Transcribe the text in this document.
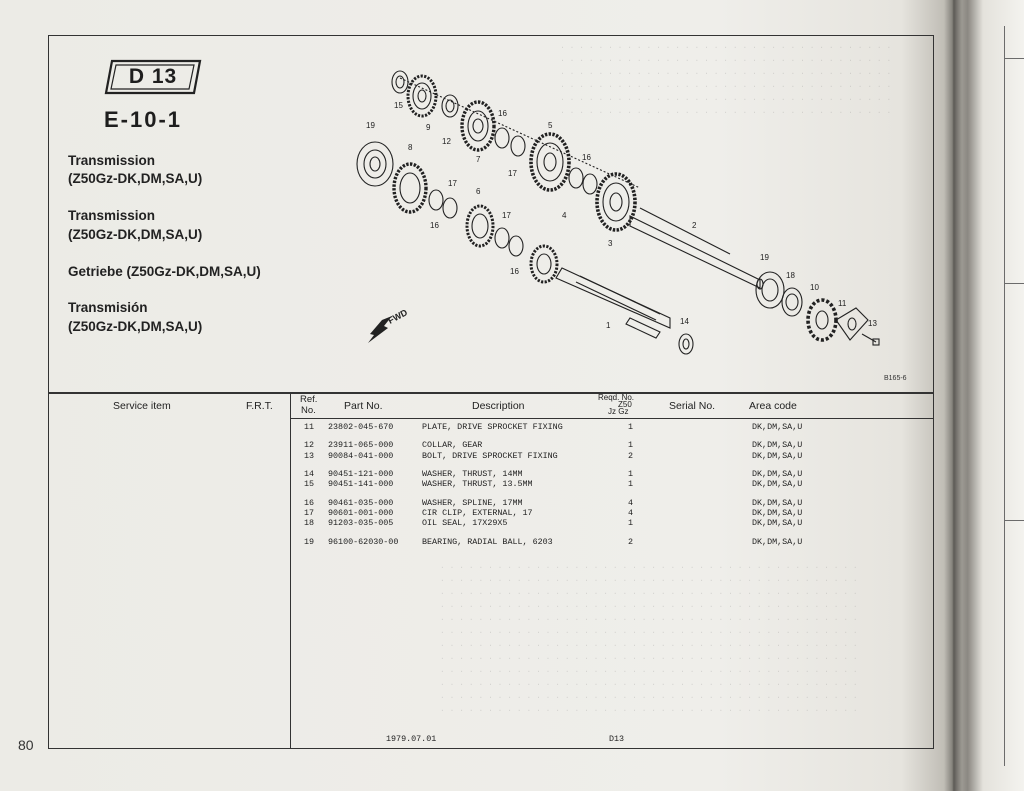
. . . . . . . . . . . . . . . . . . . . . . . . . . . . . . . . . . .
. . . . . . . . . . . . . . . . . . . . . . . . . . . . . . . . . . .
. . . . . . . . . . . . . . . . . . . . . . . . . . . . . . . . . . .
. . . . . . . . . . . . . . . . . . . . . . . . . . . . . . . . . . .
. . . . . . . . . . . . . . . . . . . . . . . . . . . . . . . . . . .
. . . . . . . . . . . . . . . . . . . . . . . . . . . . . . . . . . .
. . . . . . . . . . . . . . . . . . . . . . . . . . . . . . . . . . . . . . . . . . . .
. . . . . . . . . . . . . . . . . . . . . . . . . . . . . . . . . . . . . . . . . . . .
. . . . . . . . . . . . . . . . . . . . . . . . . . . . . . . . . . . . . . . . . . . .
. . . . . . . . . . . . . . . . . . . . . . . . . . . . . . . . . . . . . . . . . . . .
. . . . . . . . . . . . . . . . . . . . . . . . . . . . . . . . . . . . . . . . . . . .
. . . . . . . . . . . . . . . . . . . . . . . . . . . . . . . . . . . . . . . . . . . .
. . . . . . . . . . . . . . . . . . . . . . . . . . . . . . . . . . . . . . . . . . . .
. . . . . . . . . . . . . . . . . . . . . . . . . . . . . . . . . . . . . . . . . . . .
. . . . . . . . . . . . . . . . . . . . . . . . . . . . . . . . . . . . . . . . . . . .
. . . . . . . . . . . . . . . . . . . . . . . . . . . . . . . . . . . . . . . . . . . .
. . . . . . . . . . . . . . . . . . . . . . . . . . . . . . . . . . . . . . . . . . . .
. . . . . . . . . . . . . . . . . . . . . . . . . . . . . . . . . . . . . . . . . . . .
D 13
E-10-1
Transmission
(Z50Gz-DK,DM,SA,U)
Transmission
(Z50Gz-DK,DM,SA,U)
Getriebe (Z50Gz-DK,DM,SA,U)
Transmisión
(Z50Gz-DK,DM,SA,U)
FWD
15
9
12
16
5
19
8
7
17
16
17
6
16
17
2
3
16
4
19
18
10
1	14
11
13
B165-6
Service item	F.R.T.
Ref.
No.	Part No.	Description
Reqd. No.
Z50
Jz Gz	Serial No.	Area code
11 23802-045-670	PLATE, DRIVE SPROCKET FIXING	1	DK,DM,SA,U
12 23911-065-000	COLLAR, GEAR	1	DK,DM,SA,U
13 90084-041-000	BOLT, DRIVE SPROCKET FIXING	2	DK,DM,SA,U
14 90451-121-000	WASHER, THRUST, 14MM	1	DK,DM,SA,U
15 90451-141-000	WASHER, THRUST, 13.5MM	1	DK,DM,SA,U
16 90461-035-000	WASHER, SPLINE, 17MM	4	DK,DM,SA,U
17 90601-001-000	CIR CLIP, EXTERNAL, 17	4	DK,DM,SA,U
18 91203-035-005	OIL SEAL, 17X29X5	1	DK,DM,SA,U
19 96100-62030-00	BEARING, RADIAL BALL, 6203	2	DK,DM,SA,U
1979.07.01	D13
80
